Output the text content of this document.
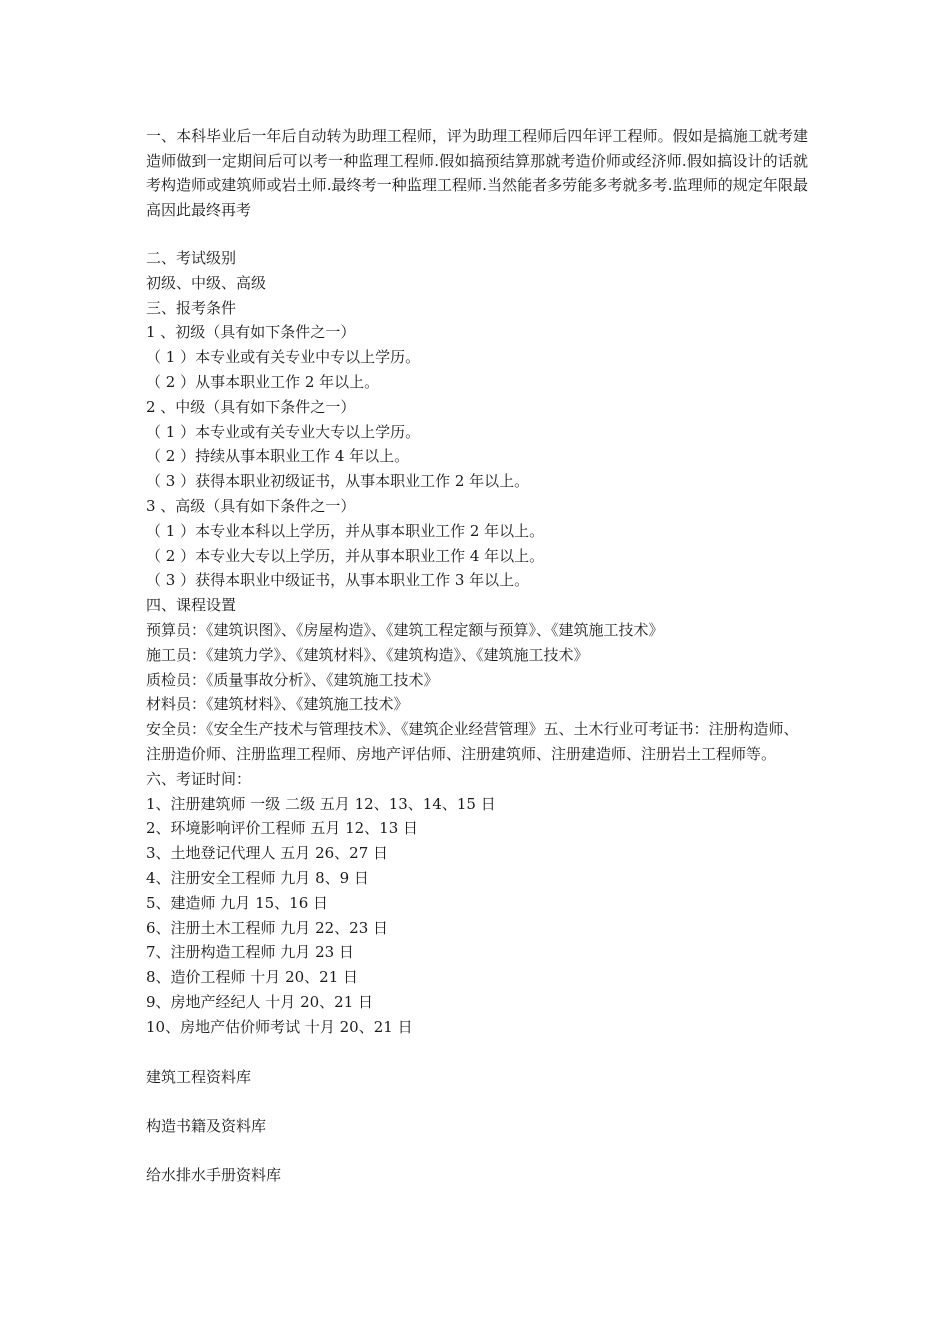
一、本科毕业后一年后自动转为助理工程师，评为助理工程师后四年评工程师。假如是搞施工就考建造师做到一定期间后可以考一种监理工程师.假如搞预结算那就考造价师或经济师.假如搞设计的话就考构造师或建筑师或岩土师.最终考一种监理工程师.当然能者多劳能多考就多考.监理师的规定年限最高因此最终再考

二、考试级别

初级、中级、高级

三、报考条件

1 、初级（具有如下条件之一）

（ 1 ）本专业或有关专业中专以上学历。

（ 2 ）从事本职业工作 2 年以上。

2 、中级（具有如下条件之一）

（ 1 ）本专业或有关专业大专以上学历。

（ 2 ）持续从事本职业工作 4 年以上。

（ 3 ）获得本职业初级证书，从事本职业工作 2 年以上。

3 、高级（具有如下条件之一）

（ 1 ）本专业本科以上学历，并从事本职业工作 2 年以上。

（ 2 ）本专业大专以上学历，并从事本职业工作 4 年以上。

（ 3 ）获得本职业中级证书，从事本职业工作 3 年以上。

四、课程设置

预算员：《建筑识图》、《房屋构造》、《建筑工程定额与预算》、《建筑施工技术》

施工员：《建筑力学》、《建筑材料》、《建筑构造》、《建筑施工技术》

质检员：《质量事故分析》、《建筑施工技术》

材料员：《建筑材料》、《建筑施工技术》

安全员：《安全生产技术与管理技术》、《建筑企业经营管理》五、土木行业可考证书：注册构造师、注册造价师、注册监理工程师、房地产评估师、注册建筑师、注册建造师、注册岩土工程师等。

六、考证时间：

1、注册建筑师 一级 二级 五月 12、13、14、15 日

2、环境影响评价工程师 五月 12、13 日

3、土地登记代理人 五月 26、27 日

4、注册安全工程师 九月 8、9 日

5、建造师 九月 15、16 日

6、注册土木工程师 九月 22、23 日

7、注册构造工程师 九月 23 日

8、造价工程师 十月 20、21 日

9、房地产经纪人 十月 20、21 日

10、房地产估价师考试 十月 20、21 日

建筑工程资料库

构造书籍及资料库

给水排水手册资料库
